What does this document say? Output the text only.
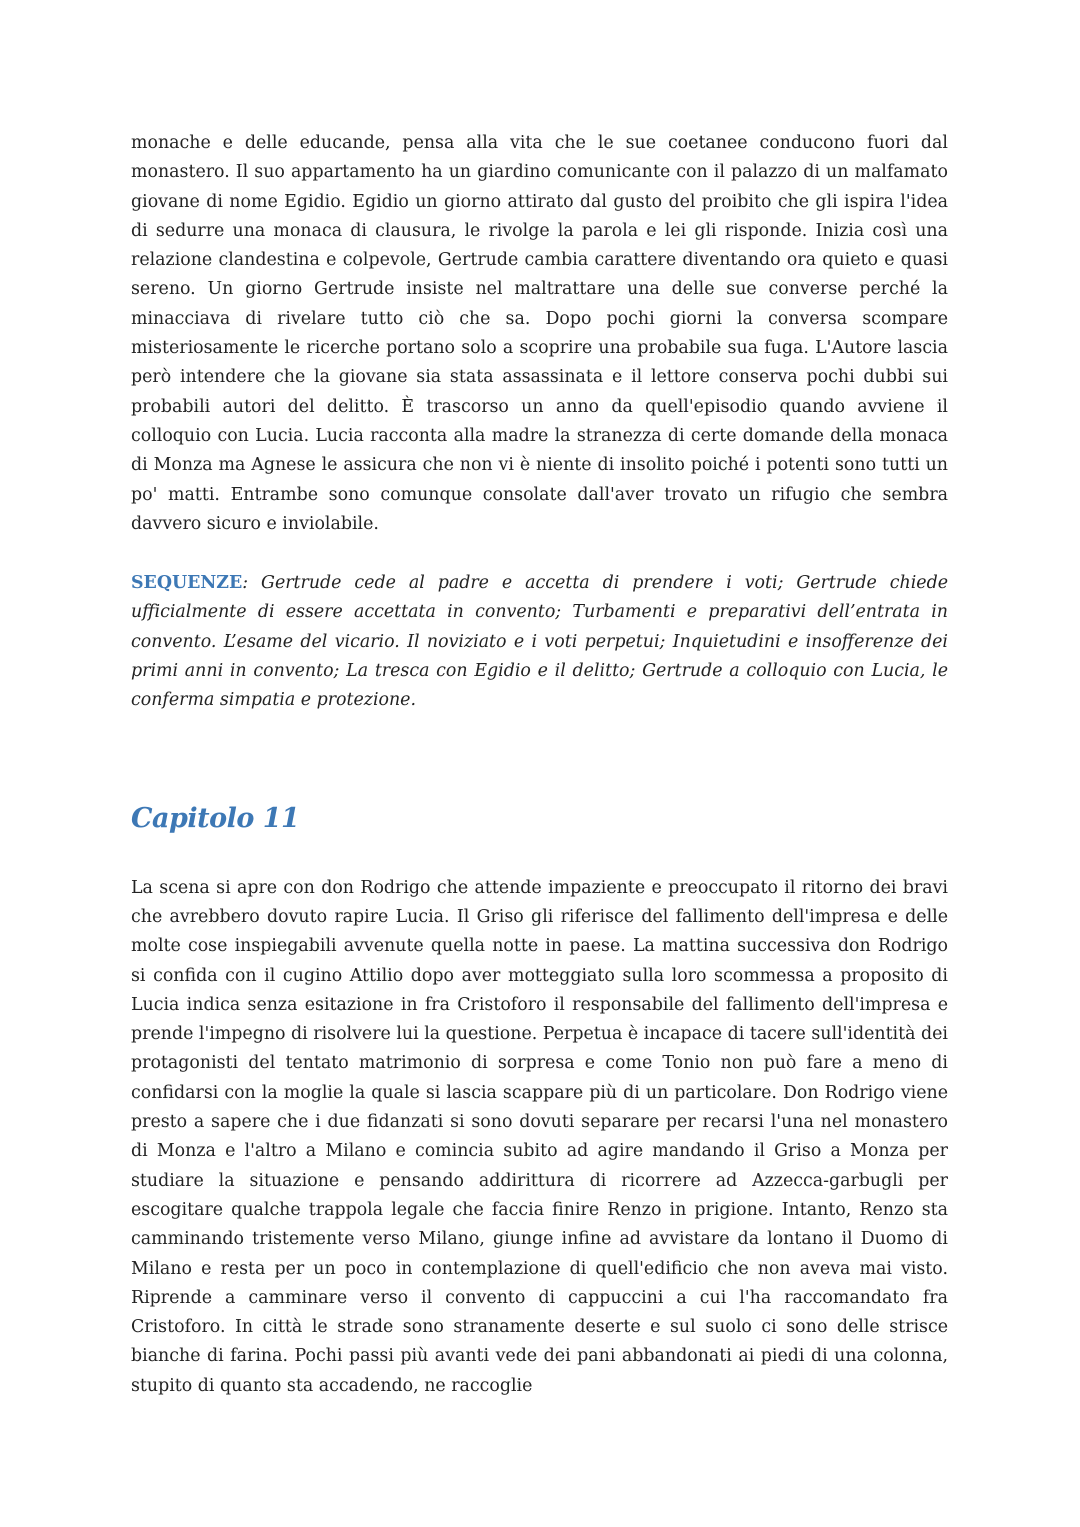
monache e delle educande, pensa alla vita che le sue coetanee conducono fuori dal monastero. Il suo appartamento ha un giardino comunicante con il palazzo di un malfamato giovane di nome Egidio. Egidio un giorno attirato dal gusto del proibito che gli ispira l'idea di sedurre una monaca di clausura, le rivolge la parola e lei gli risponde. Inizia così una relazione clandestina e colpevole, Gertrude cambia carattere diventando ora quieto e quasi sereno. Un giorno Gertrude insiste nel maltrattare una delle sue converse perché la minacciava di rivelare tutto ciò che sa. Dopo pochi giorni la conversa scompare misteriosamente le ricerche portano solo a scoprire una probabile sua fuga. L'Autore lascia però intendere che la giovane sia stata assassinata e il lettore conserva pochi dubbi sui probabili autori del delitto. È trascorso un anno da quell'episodio quando avviene il colloquio con Lucia. Lucia racconta alla madre la stranezza di certe domande della monaca di Monza ma Agnese le assicura che non vi è niente di insolito poiché i potenti sono tutti un po' matti. Entrambe sono comunque consolate dall'aver trovato un rifugio che sembra davvero sicuro e inviolabile.

SEQUENZE: Gertrude cede al padre e accetta di prendere i voti; Gertrude chiede ufficialmente di essere accettata in convento; Turbamenti e preparativi dell’entrata in convento. L’esame del vicario. Il noviziato e i voti perpetui; Inquietudini e insofferenze dei primi anni in convento; La tresca con Egidio e il delitto; Gertrude a colloquio con Lucia, le conferma simpatia e protezione.

Capitolo 11

La scena si apre con don Rodrigo che attende impaziente e preoccupato il ritorno dei bravi che avrebbero dovuto rapire Lucia. Il Griso gli riferisce del fallimento dell'impresa e delle molte cose inspiegabili avvenute quella notte in paese. La mattina successiva don Rodrigo si confida con il cugino Attilio dopo aver motteggiato sulla loro scommessa a proposito di Lucia indica senza esitazione in fra Cristoforo il responsabile del fallimento dell'impresa e prende l'impegno di risolvere lui la questione. Perpetua è incapace di tacere sull'identità dei protagonisti del tentato matrimonio di sorpresa e come Tonio non può fare a meno di confidarsi con la moglie la quale si lascia scappare più di un particolare. Don Rodrigo viene presto a sapere che i due fidanzati si sono dovuti separare per recarsi l'una nel monastero di Monza e l'altro a Milano e comincia subito ad agire mandando il Griso a Monza per studiare la situazione e pensando addirittura di ricorrere ad Azzecca-garbugli per escogitare qualche trappola legale che faccia finire Renzo in prigione. Intanto, Renzo sta camminando tristemente verso Milano, giunge infine ad avvistare da lontano il Duomo di Milano e resta per un poco in contemplazione di quell'edificio che non aveva mai visto. Riprende a camminare verso il convento di cappuccini a cui l'ha raccomandato fra Cristoforo. In città le strade sono stranamente deserte e sul suolo ci sono delle strisce bianche di farina. Pochi passi più avanti vede dei pani abbandonati ai piedi di una colonna, stupito di quanto sta accadendo, ne raccoglie
